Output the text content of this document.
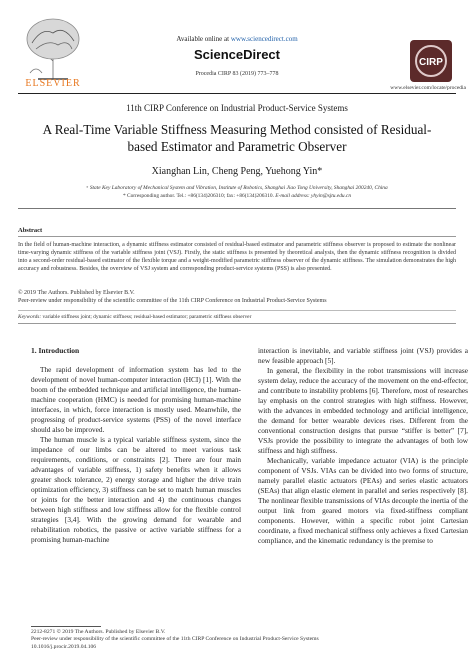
ELSEVIER
Available online at www.sciencedirect.com
ScienceDirect
Procedia CIRP 83 (2019) 773–778
CIRP
www.elsevier.com/locate/procedia
11th CIRP Conference on Industrial Product-Service Systems
A Real-Time Variable Stiffness Measuring Method consisted of Residual-
based Estimator and Parametric Observer
Xianghan Lin, Cheng Peng, Yuehong Yin*
ᵃ State Key Laboratory of Mechanical System and Vibration, Institute of Robotics, Shanghai Jiao Tong University, Shanghai 200240, China
* Corresponding author. Tel.: +86(134)206310; fax: +86(134)206310. E-mail address: yhyin@sjtu.edu.cn
Abstract
In the field of human-machine interaction, a dynamic stiffness estimator consisted of residual-based estimator and parametric stiffness observer is proposed to estimate the nonlinear time-varying dynamic stiffness of the variable stiffness joint (VSJ). Firstly, the static stiffness is presented by theoretical analysis, then the dynamic stiffness recognition is divided into a second-order residual-based estimator of the flexible torque and a weight-modified parametric stiffness observer of the dynamic stiffness. The simulation demonstrates the high accuracy and robustness. Besides, the overview of VSJ system and corresponding product-service systems (PSS) is also presented.
© 2019 The Authors. Published by Elsevier B.V.
Peer-review under responsibility of the scientific committee of the 11th CIRP Conference on Industrial Product-Service Systems
Keywords: variable stiffness joint; dynamic stiffness; residual-based estimator; parametric stiffness observer
1. Introduction

The rapid development of information system has led to the development of novel human-computer interaction (HCI) [1]. With the boom of the embedded technique and artificial intelligence, the human-machine cooperation (HMC) is needed for promising human-machine interfaces, in which, force interaction is mostly used. Meanwhile, the progressing of product-service systems (PSS) of the novel interface should also be improved.

The human muscle is a typical variable stiffness system, since the impedance of our limbs can be altered to meet various task requirements, conditions, or constraints [2]. There are four main advantages of variable stiffness, 1) safety benefits when it allows greater shock tolerance, 2) energy storage and higher the drive train optimization efficiency, 3) stiffness can be set to match human muscles or joints for the better interaction and 4) the continuous changes between high stiffness and low stiffness allow for the flexible control strategies [3,4]. With the growing demand for wearable and rehabilitation robotics, the passive or active variable stiffness for a promising human-machine

interaction is inevitable, and variable stiffness joint (VSJ) provides a new feasible approach [5].

In general, the flexibility in the robot transmissions will increase system delay, reduce the accuracy of the movement on the end-effector, and contribute to instability problems [6]. Therefore, most of researches lay emphasis on the control strategies with high stiffness. However, with the advances in embedded technology and artificial intelligence, the demand for better wearable devices rises. Different from the conventional construction designs that pursue “stiffer is better” [7], VSJs provide the possibility to integrate the advantages of both low stiffness and high stiffness.

Mechanically, variable impedance actuator (VIA) is the principle component of VSJs. VIAs can be divided into two forms of structure, namely parallel elastic actuators (PEAs) and series elastic actuators (SEAs) that align elastic element in parallel and series respectively [8]. The nonlinear flexible transmissions of VIAs decouple the inertia of the output link from geared motors via fixed-stiffness compliant components. However, within a specific robot joint Cartesian coordinate, a fixed mechanical stiffness only achieves a fixed Cartesian compliance, and the kinematic redundancy is the premise to

2212-8271 © 2019 The Authors. Published by Elsevier B.V.
Peer-review under responsibility of the scientific committee of the 11th CIRP Conference on Industrial Product-Service Systems
10.1016/j.procir.2019.04.106
